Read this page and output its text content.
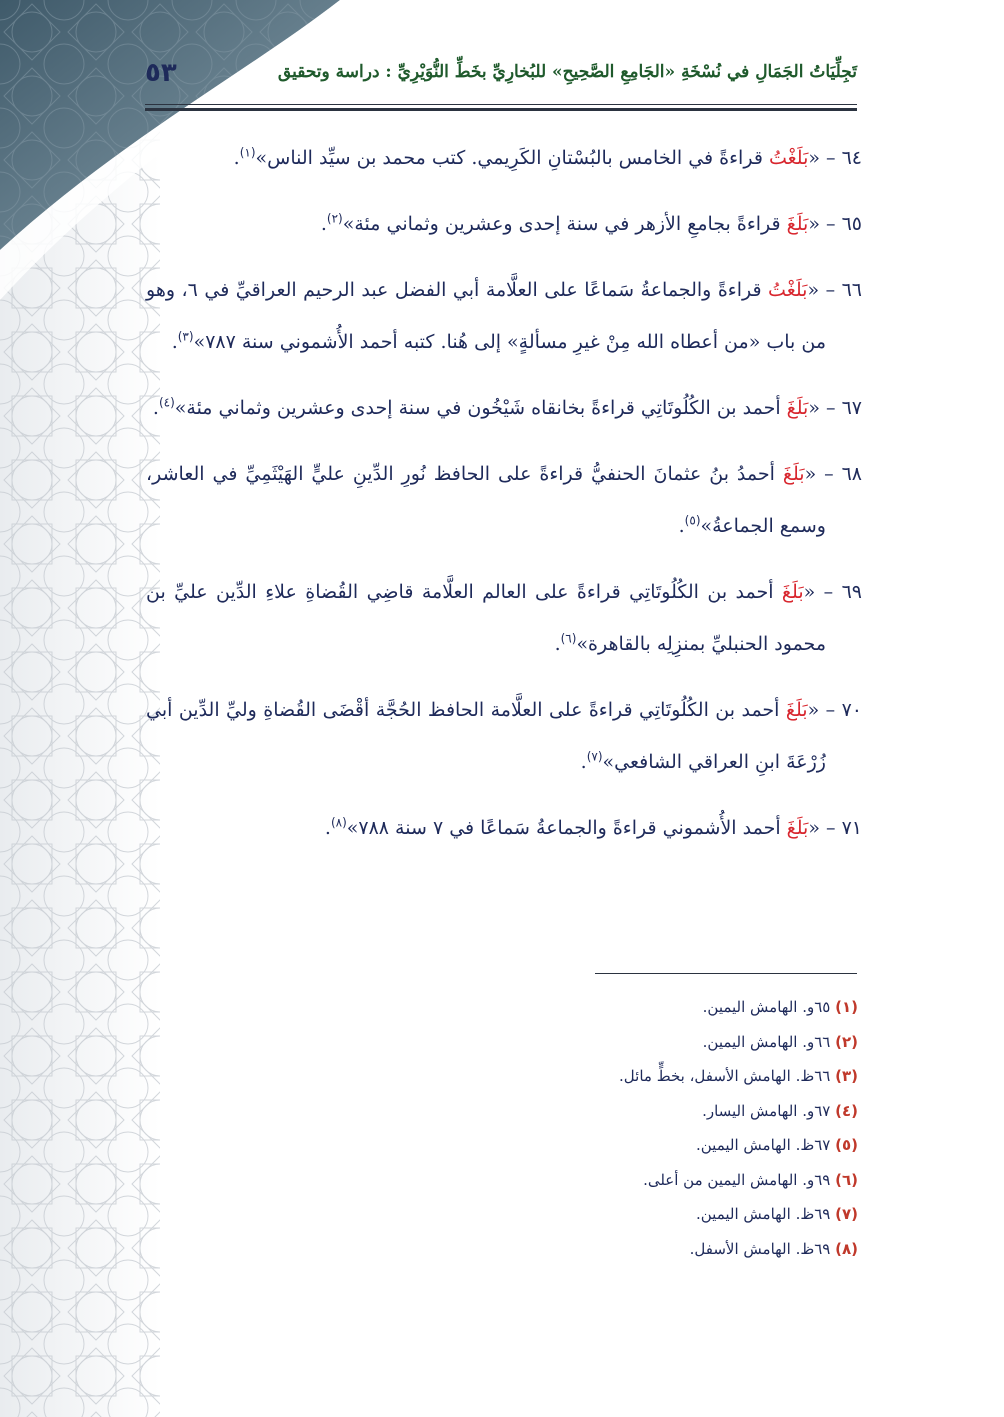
تَجِلِّيَاتُ الجَمَالِ في نُسْخَةِ «الجَامِعِ الصَّحِيحِ» للبُخارِيِّ بخَطِّ النُّوَيْرِيِّ : دراسة وتحقيق
٥٣

٦٤ – «بَلَغْتُ قراءةً في الخامس بالبُسْتانِ الكَرِيمي. كتب محمد بن سيِّد الناس»$^{(١)}$.

٦٥ – «بَلَغَ قراءةً بجامعِ الأزهر في سنة إحدى وعشرين وثماني مئة»$^{(٢)}$.

٦٦ – «بَلَغْتُ قراءةً والجماعةُ سَماعًا على العلَّامة أبي الفضل عبد الرحيم العراقيِّ في ٦، وهو من باب «من أعطاه الله مِنْ غيرِ مسألةٍ» إلى هُنا. كتبه أحمد الأُشموني سنة ٧٨٧»$^{(٣)}$.

٦٧ – «بَلَغَ أحمد بن الكُلُوتَاتِي قراءةً بخانقاه شَيْخُون في سنة إحدى وعشرين وثماني مئة»$^{(٤)}$.

٦٨ – «بَلَغَ أحمدُ بنُ عثمانَ الحنفيُّ قراءةً على الحافظ نُورِ الدِّينِ عليٍّ الهَيْثَمِيِّ في العاشر، وسمع الجماعةُ»$^{(٥)}$.

٦٩ – «بَلَغَ أحمد بن الكُلُوتَاتِي قراءةً على العالم العلَّامة قاضِي القُضاةِ علاءِ الدِّين عليِّ بن محمود الحنبليِّ بمنزِلِه بالقاهرة»$^{(٦)}$.

٧٠ – «بَلَغَ أحمد بن الكُلُوتَاتِي قراءةً على العلَّامة الحافظ الحُجَّة أقْضَى القُضاةِ وليِّ الدِّين أبي زُرْعَةَ ابنِ العراقي الشافعي»$^{(٧)}$.

٧١ – «بَلَغَ أحمد الأُشموني قراءةً والجماعةُ سَماعًا في ٧ سنة ٧٨٨»$^{(٨)}$.

(١) ٦٥و. الهامش اليمين.
(٢) ٦٦و. الهامش اليمين.
(٣) ٦٦ظ. الهامش الأسفل، بخطٍّ مائل.
(٤) ٦٧و. الهامش اليسار.
(٥) ٦٧ظ. الهامش اليمين.
(٦) ٦٩و. الهامش اليمين من أعلى.
(٧) ٦٩ظ. الهامش اليمين.
(٨) ٦٩ظ. الهامش الأسفل.
